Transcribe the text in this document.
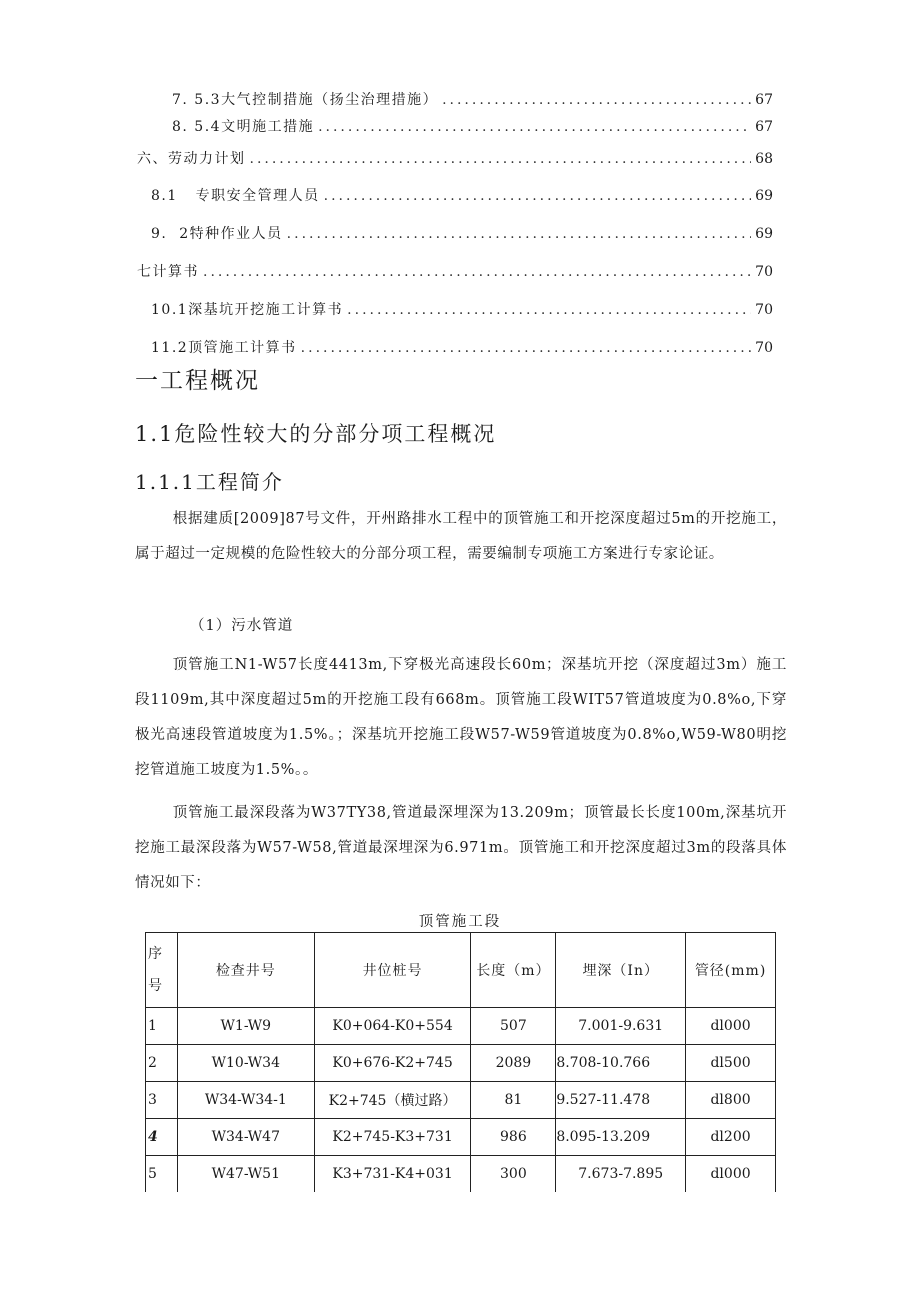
7. 5.3大气控制措施（扬尘治理措施） .....	67
8. 5.4文明施工措施 .....	67
六、劳动力计划 .....	68
8.1   专职安全管理人员 .....	69
9.  2特种作业人员 .....	69
七计算书 .....	70
10.1深基坑开挖施工计算书 .....	70
11.2顶管施工计算书 .....	70
一工程概况
1.1危险性较大的分部分项工程概况
1.1.1工程简介
根据建质[2009]87号文件，开州路排水工程中的顶管施工和开挖深度超过5m的开挖施工，属于超过一定规模的危险性较大的分部分项工程，需要编制专项施工方案进行专家论证。
（1）污水管道
顶管施工N1-W57长度4413m,下穿极光高速段长60m；深基坑开挖（深度超过3m）施工段1109m,其中深度超过5m的开挖施工段有668m。顶管施工段WIT57管道坡度为0.8%o,下穿极光高速段管道坡度为1.5%。；深基坑开挖施工段W57-W59管道坡度为0.8%o,W59-W80明挖挖管道施工坡度为1.5%。。
顶管施工最深段落为W37TY38,管道最深埋深为13.209m；顶管最长长度100m,深基坑开挖施工最深段落为W57-W58,管道最深埋深为6.971m。顶管施工和开挖深度超过3m的段落具体情况如下：
顶管施工段
序
号	检查井号	井位桩号	长度（m）	埋深（In）	管径(mm)
1	W1-W9	K0+064-K0+554	507	7.001-9.631	dl000
2	W10-W34	K0+676-K2+745	2089	8.708-10.766	dl500
3	W34-W34-1	K2+745（横过路）	81	9.527-11.478	dl800
4	W34-W47	K2+745-K3+731	986	8.095-13.209	dl200
5	W47-W51	K3+731-K4+031	300	7.673-7.895	dl000
